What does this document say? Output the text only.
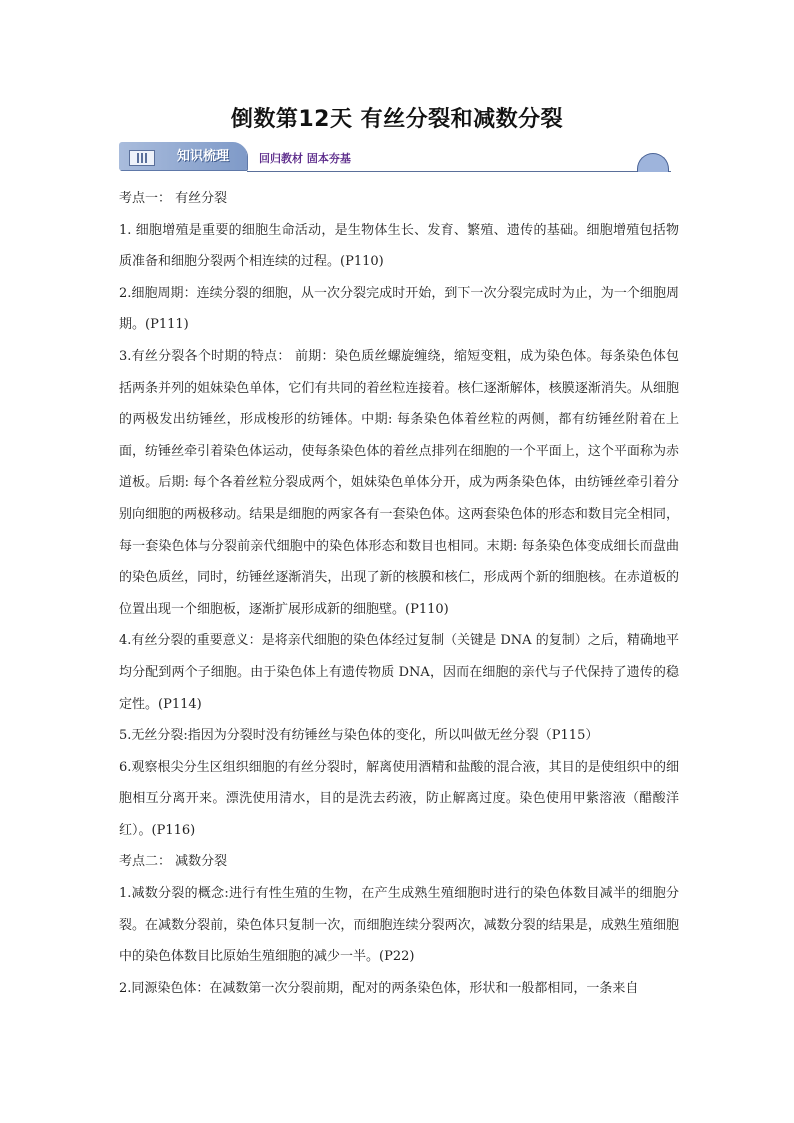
倒数第12天 有丝分裂和减数分裂
知识梳理	回归教材 固本夯基

考点一： 有丝分裂

1. 细胞增殖是重要的细胞生命活动，是生物体生长、发育、繁殖、遗传的基础。细胞增殖包括物质准备和细胞分裂两个相连续的过程。(P110)

2.细胞周期：连续分裂的细胞，从一次分裂完成时开始，到下一次分裂完成时为止，为一个细胞周期。(P111)

3.有丝分裂各个时期的特点： 前期：染色质丝螺旋缠绕，缩短变粗，成为染色体。每条染色体包括两条并列的姐妹染色单体，它们有共同的着丝粒连接着。核仁逐渐解体，核膜逐渐消失。从细胞的两极发出纺锤丝，形成梭形的纺锤体。中期: 每条染色体着丝粒的两侧，都有纺锤丝附着在上面，纺锤丝牵引着染色体运动，使每条染色体的着丝点排列在细胞的一个平面上，这个平面称为赤道板。后期: 每个各着丝粒分裂成两个，姐妹染色单体分开，成为两条染色体，由纺锤丝牵引着分别向细胞的两极移动。结果是细胞的两家各有一套染色体。这两套染色体的形态和数目完全相同，每一套染色体与分裂前亲代细胞中的染色体形态和数目也相同。末期: 每条染色体变成细长而盘曲的染色质丝，同时，纺锤丝逐渐消失，出现了新的核膜和核仁，形成两个新的细胞核。在赤道板的位置出现一个细胞板，逐渐扩展形成新的细胞壁。(P110)

4.有丝分裂的重要意义：是将亲代细胞的染色体经过复制（关键是 DNA 的复制）之后，精确地平均分配到两个子细胞。由于染色体上有遗传物质 DNA，因而在细胞的亲代与子代保持了遗传的稳定性。(P114)

5.无丝分裂:指因为分裂时没有纺锤丝与染色体的变化，所以叫做无丝分裂（P115）

6.观察根尖分生区组织细胞的有丝分裂时，解离使用酒精和盐酸的混合液，其目的是使组织中的细胞相互分离开来。漂洗使用清水，目的是洗去药液，防止解离过度。染色使用甲紫溶液（醋酸洋红）。(P116)

考点二： 减数分裂

1.减数分裂的概念:进行有性生殖的生物，在产生成熟生殖细胞时进行的染色体数目减半的细胞分裂。在减数分裂前，染色体只复制一次，而细胞连续分裂两次，减数分裂的结果是，成熟生殖细胞中的染色体数目比原始生殖细胞的减少一半。(P22)

2.同源染色体：在减数第一次分裂前期，配对的两条染色体，形状和一般都相同，一条来自
